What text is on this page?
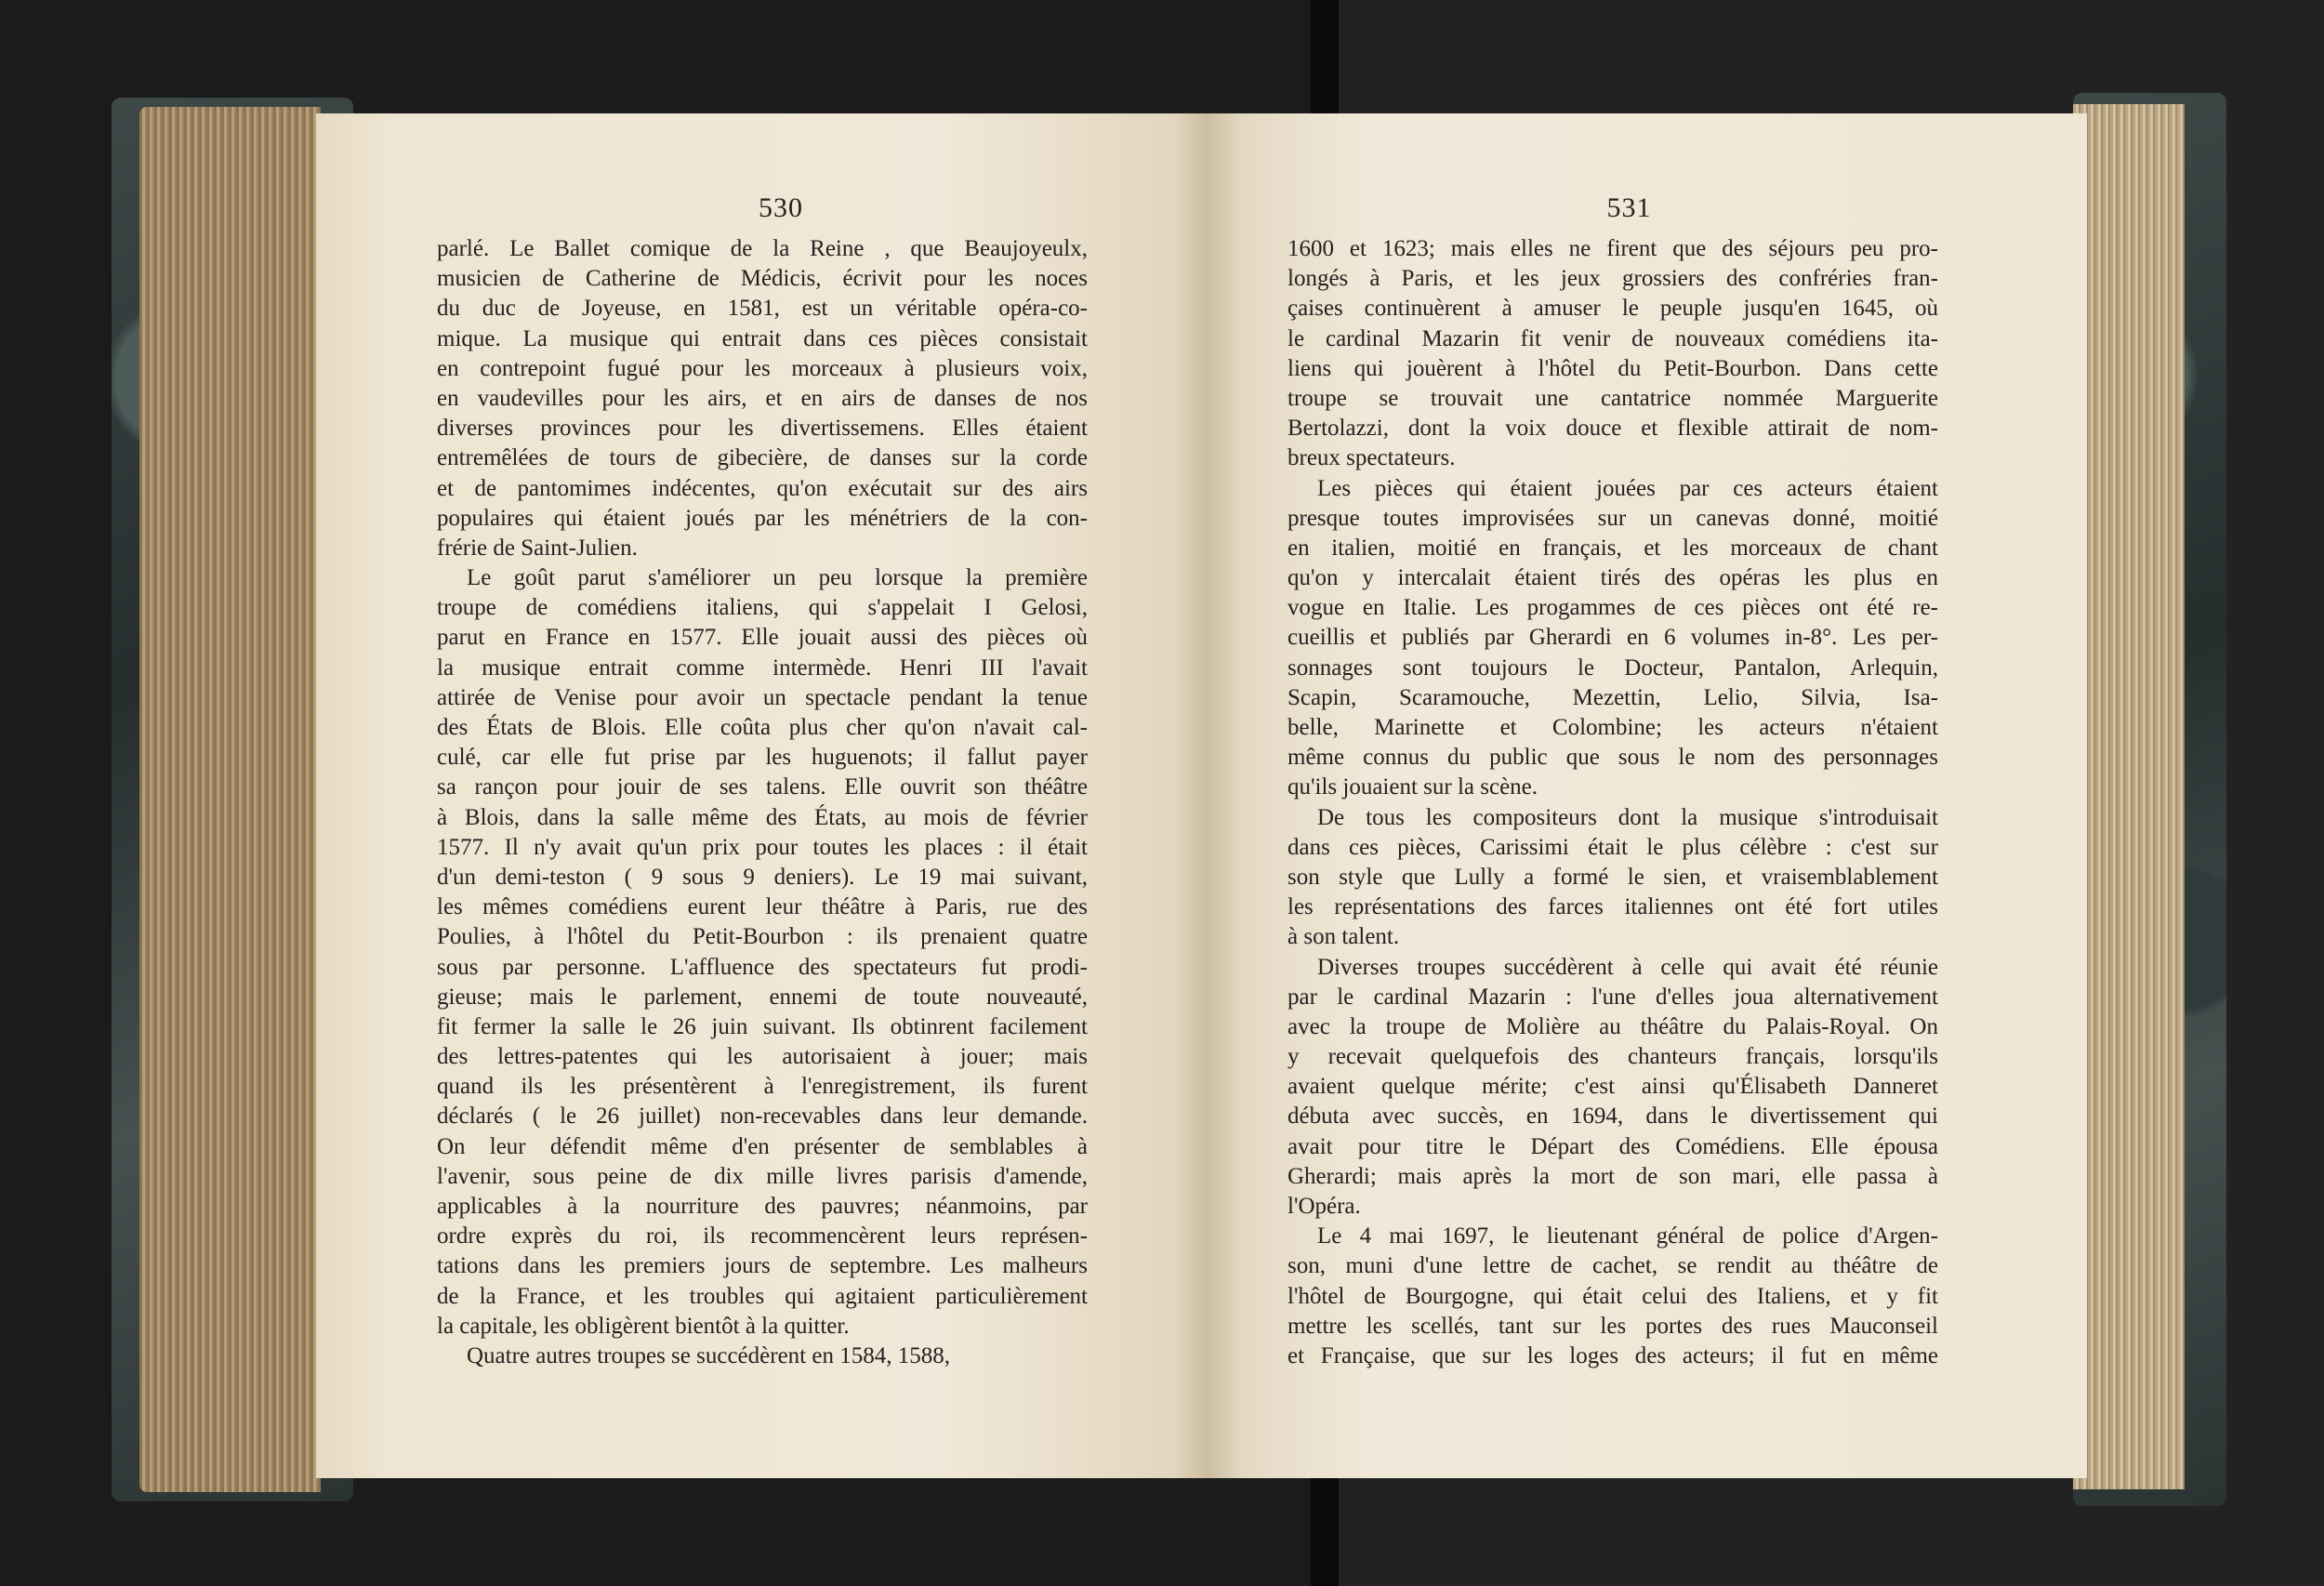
530
parlé. Le Ballet comique de la Reine , que Beaujoyeulx,
musicien de Catherine de Médicis, écrivit pour les noces
du duc de Joyeuse, en 1581, est un véritable opéra-co-
mique. La musique qui entrait dans ces pièces consistait
en contrepoint fugué pour les morceaux à plusieurs voix,
en vaudevilles pour les airs, et en airs de danses de nos
diverses provinces pour les divertissemens. Elles étaient
entremêlées de tours de gibecière, de danses sur la corde
et de pantomimes indécentes, qu'on exécutait sur des airs
populaires qui étaient joués par les ménétriers de la con-
frérie de Saint-Julien.
Le goût parut s'améliorer un peu lorsque la première
troupe de comédiens italiens, qui s'appelait I Gelosi,
parut en France en 1577. Elle jouait aussi des pièces où
la musique entrait comme intermède. Henri III l'avait
attirée de Venise pour avoir un spectacle pendant la tenue
des États de Blois. Elle coûta plus cher qu'on n'avait cal-
culé, car elle fut prise par les huguenots; il fallut payer
sa rançon pour jouir de ses talens. Elle ouvrit son théâtre
à Blois, dans la salle même des États, au mois de février
1577. Il n'y avait qu'un prix pour toutes les places : il était
d'un demi-teston ( 9 sous 9 deniers). Le 19 mai suivant,
les mêmes comédiens eurent leur théâtre à Paris, rue des
Poulies, à l'hôtel du Petit-Bourbon : ils prenaient quatre
sous par personne. L'affluence des spectateurs fut prodi-
gieuse; mais le parlement, ennemi de toute nouveauté,
fit fermer la salle le 26 juin suivant. Ils obtinrent facilement
des lettres-patentes qui les autorisaient à jouer; mais
quand ils les présentèrent à l'enregistrement, ils furent
déclarés ( le 26 juillet) non-recevables dans leur demande.
On leur défendit même d'en présenter de semblables à
l'avenir, sous peine de dix mille livres parisis d'amende,
applicables à la nourriture des pauvres; néanmoins, par
ordre exprès du roi, ils recommencèrent leurs représen-
tations dans les premiers jours de septembre. Les malheurs
de la France, et les troubles qui agitaient particulièrement
la capitale, les obligèrent bientôt à la quitter.
Quatre autres troupes se succédèrent en 1584, 1588,
531
1600 et 1623; mais elles ne firent que des séjours peu pro-
longés à Paris, et les jeux grossiers des confréries fran-
çaises continuèrent à amuser le peuple jusqu'en 1645, où
le cardinal Mazarin fit venir de nouveaux comédiens ita-
liens qui jouèrent à l'hôtel du Petit-Bourbon. Dans cette
troupe se trouvait une cantatrice nommée Marguerite
Bertolazzi, dont la voix douce et flexible attirait de nom-
breux spectateurs.
Les pièces qui étaient jouées par ces acteurs étaient
presque toutes improvisées sur un canevas donné, moitié
en italien, moitié en français, et les morceaux de chant
qu'on y intercalait étaient tirés des opéras les plus en
vogue en Italie. Les progammes de ces pièces ont été re-
cueillis et publiés par Gherardi en 6 volumes in-8°. Les per-
sonnages sont toujours le Docteur, Pantalon, Arlequin,
Scapin, Scaramouche, Mezettin, Lelio, Silvia, Isa-
belle, Marinette et Colombine; les acteurs n'étaient
même connus du public que sous le nom des personnages
qu'ils jouaient sur la scène.
De tous les compositeurs dont la musique s'introduisait
dans ces pièces, Carissimi était le plus célèbre : c'est sur
son style que Lully a formé le sien, et vraisemblablement
les représentations des farces italiennes ont été fort utiles
à son talent.
Diverses troupes succédèrent à celle qui avait été réunie
par le cardinal Mazarin : l'une d'elles joua alternativement
avec la troupe de Molière au théâtre du Palais-Royal. On
y recevait quelquefois des chanteurs français, lorsqu'ils
avaient quelque mérite; c'est ainsi qu'Élisabeth Danneret
débuta avec succès, en 1694, dans le divertissement qui
avait pour titre le Départ des Comédiens. Elle épousa
Gherardi; mais après la mort de son mari, elle passa à
l'Opéra.
Le 4 mai 1697, le lieutenant général de police d'Argen-
son, muni d'une lettre de cachet, se rendit au théâtre de
l'hôtel de Bourgogne, qui était celui des Italiens, et y fit
mettre les scellés, tant sur les portes des rues Mauconseil
et Française, que sur les loges des acteurs; il fut en même
